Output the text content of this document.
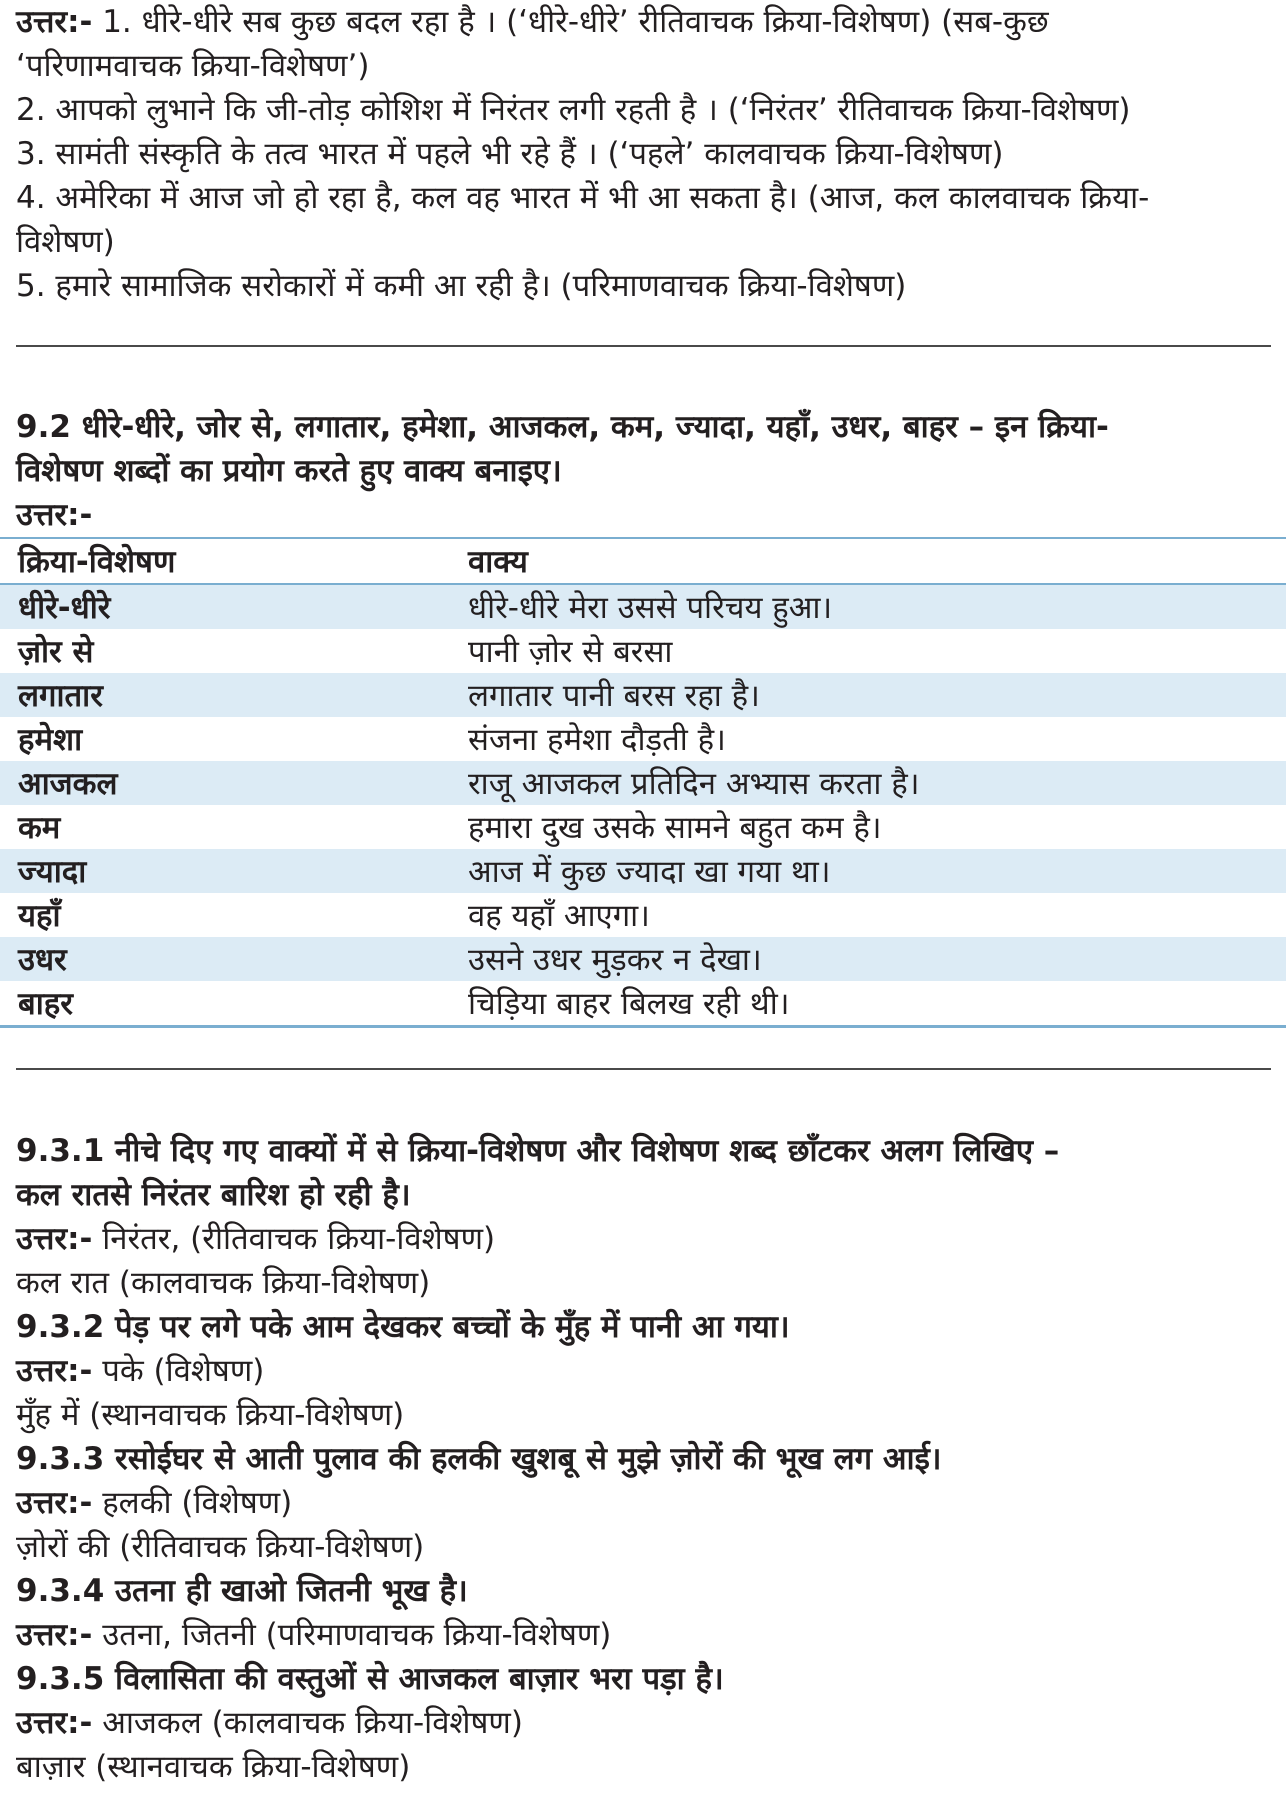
उत्तर:- 1. धीरे-धीरे सब कुछ बदल रहा है । (‘धीरे-धीरे’ रीतिवाचक क्रिया-विशेषण) (सब-कुछ
‘परिणामवाचक क्रिया-विशेषण’)
2. आपको लुभाने कि जी-तोड़ कोशिश में निरंतर लगी रहती है । (‘निरंतर’ रीतिवाचक क्रिया-विशेषण)
3. सामंती संस्कृति के तत्व भारत में पहले भी रहे हैं । (‘पहले’ कालवाचक क्रिया-विशेषण)
4. अमेरिका में आज जो हो रहा है, कल वह भारत में भी आ सकता है। (आज, कल कालवाचक क्रिया-
विशेषण)
5. हमारे सामाजिक सरोकारों में कमी आ रही है। (परिमाणवाचक क्रिया-विशेषण)
9.2 धीरे-धीरे, जोर से, लगातार, हमेशा, आजकल, कम, ज्यादा, यहाँ, उधर, बाहर – इन क्रिया-
विशेषण शब्दों का प्रयोग करते हुए वाक्य बनाइए।
उत्तर:-
क्रिया-विशेषण	वाक्य
धीरे-धीरे	धीरे-धीरे मेरा उससे परिचय हुआ।
ज़ोर से	पानी ज़ोर से बरसा
लगातार	लगातार पानी बरस रहा है।
हमेशा	संजना हमेशा दौड़ती है।
आजकल	राजू आजकल प्रतिदिन अभ्यास करता है।
कम	हमारा दुख उसके सामने बहुत कम है।
ज्यादा	आज में कुछ ज्यादा खा गया था।
यहाँ	वह यहाँ आएगा।
उधर	उसने उधर मुड़कर न देखा।
बाहर	चिड़िया बाहर बिलख रही थी।
9.3.1 नीचे दिए गए वाक्यों में से क्रिया-विशेषण और विशेषण शब्द छाँटकर अलग लिखिए –
कल रातसे निरंतर बारिश हो रही है।
उत्तर:- निरंतर, (रीतिवाचक क्रिया-विशेषण)
कल रात (कालवाचक क्रिया-विशेषण)
9.3.2 पेड़ पर लगे पके आम देखकर बच्चों के मुँह में पानी आ गया।
उत्तर:- पके (विशेषण)
मुँह में (स्थानवाचक क्रिया-विशेषण)
9.3.3 रसोईघर से आती पुलाव की हलकी खुशबू से मुझे ज़ोरों की भूख लग आई।
उत्तर:- हलकी (विशेषण)
ज़ोरों की (रीतिवाचक क्रिया-विशेषण)
9.3.4 उतना ही खाओ जितनी भूख है।
उत्तर:- उतना, जितनी (परिमाणवाचक क्रिया-विशेषण)
9.3.5 विलासिता की वस्तुओं से आजकल बाज़ार भरा पड़ा है।
उत्तर:- आजकल (कालवाचक क्रिया-विशेषण)
बाज़ार (स्थानवाचक क्रिया-विशेषण)
